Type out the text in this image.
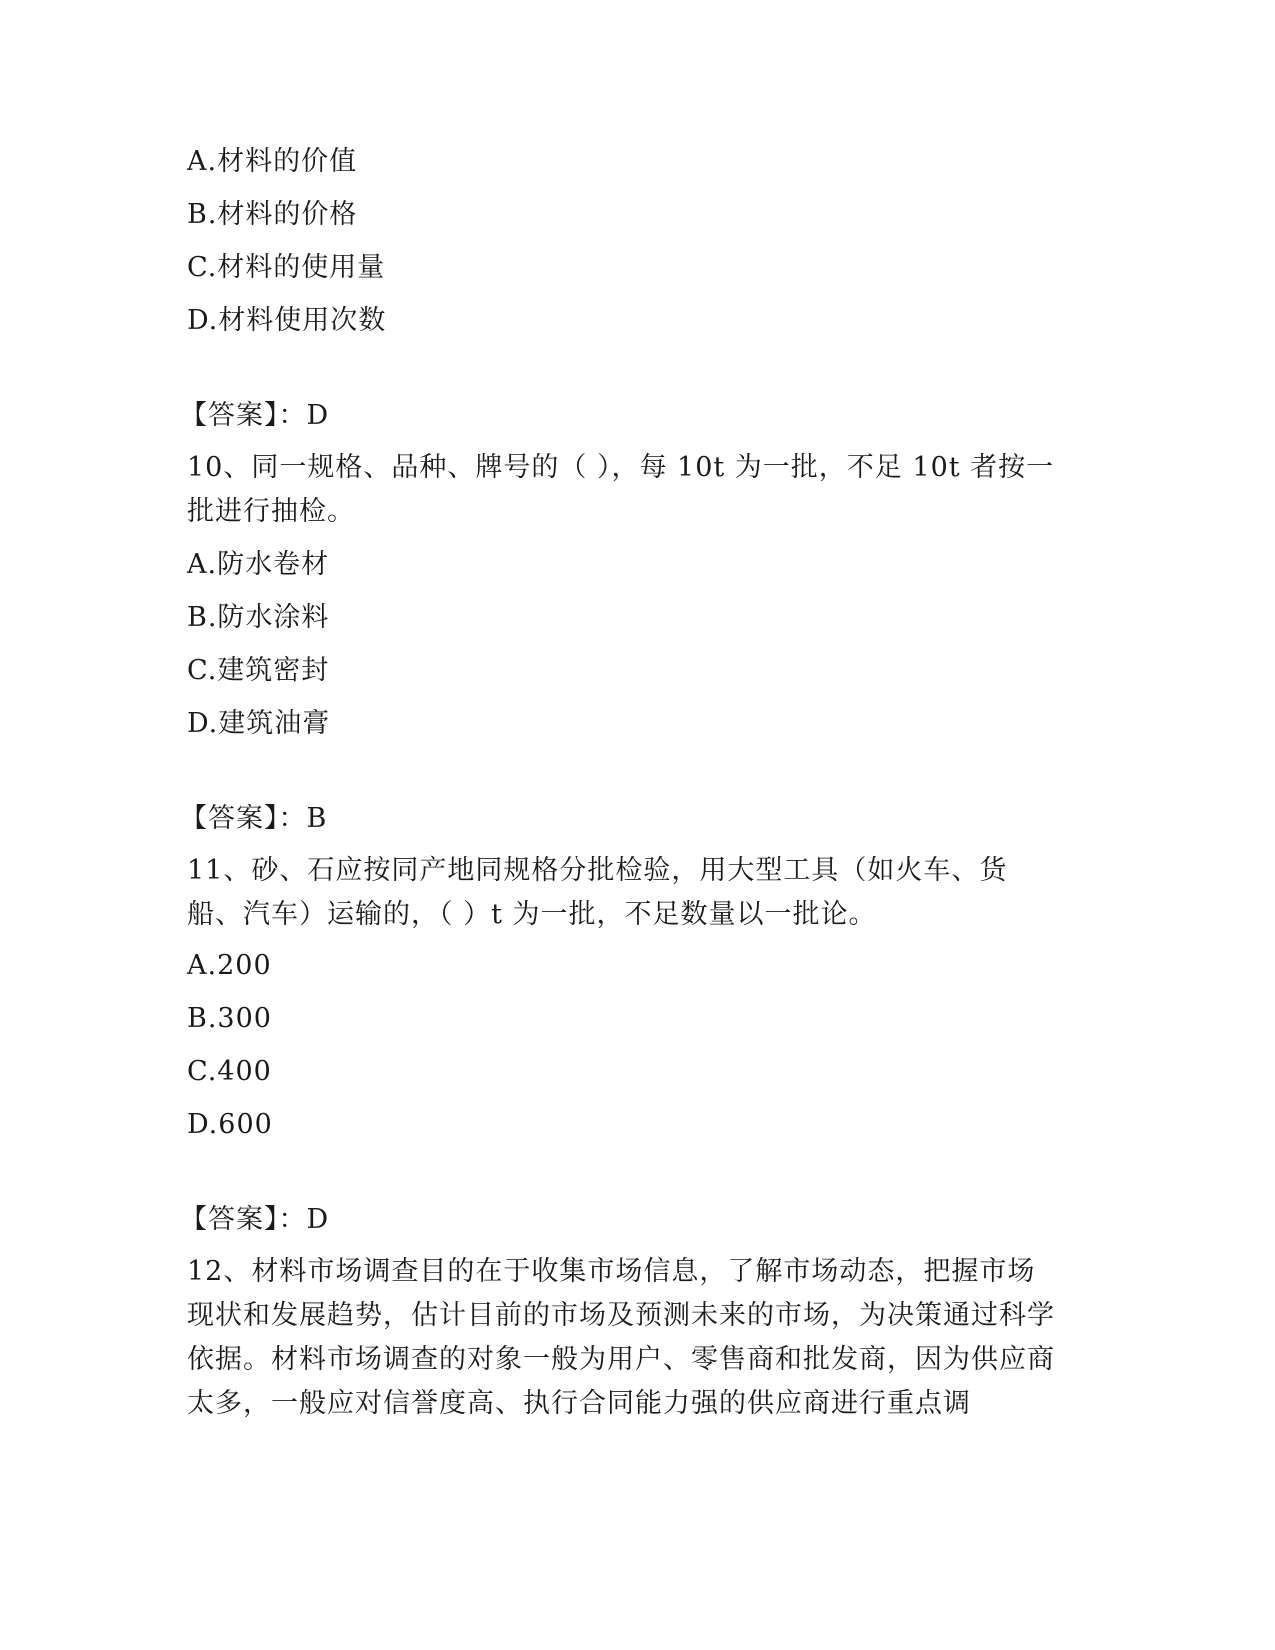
A.材料的价值
B.材料的价格
C.材料的使用量
D.材料使用次数
【答案】：D
10、同一规格、品种、牌号的（ ），每 10t 为一批，不足 10t 者按一批进行抽检。
A.防水卷材
B.防水涂料
C.建筑密封
D.建筑油膏
【答案】：B
11、砂、石应按同产地同规格分批检验，用大型工具（如火车、货船、汽车）运输的，（ ）t 为一批，不足数量以一批论。
A.200
B.300
C.400
D.600
【答案】：D
12、材料市场调查目的在于收集市场信息，了解市场动态，把握市场现状和发展趋势，估计目前的市场及预测未来的市场，为决策通过科学依据。材料市场调查的对象一般为用户、零售商和批发商，因为供应商太多，一般应对信誉度高、执行合同能力强的供应商进行重点调
